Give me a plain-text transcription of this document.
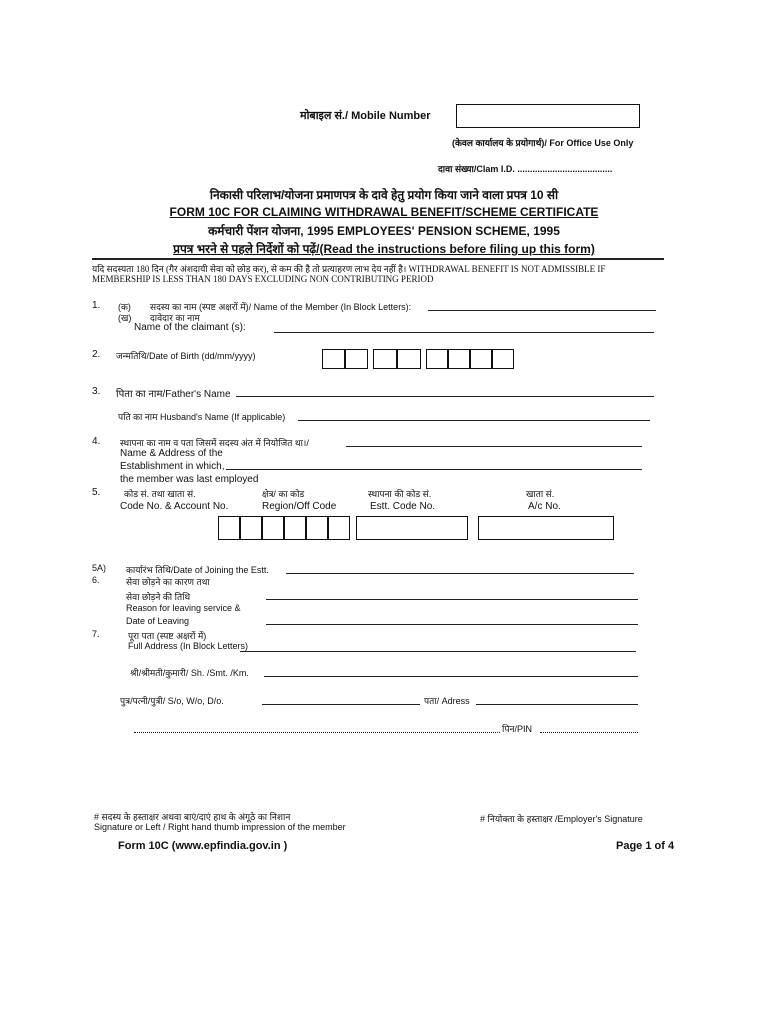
मोबाइल सं./ Mobile Number
(केवल कार्यालय के प्रयोगार्थ)/ For Office Use Only
दावा संख्या/Clam I.D. ......................................
निकासी परिलाभ/योजना प्रमाणपत्र के दावे हेतु प्रयोग किया जाने वाला प्रपत्र 10 सी
FORM 10C FOR CLAIMING WITHDRAWAL BENEFIT/SCHEME CERTIFICATE
कर्मचारी पेंशन योजना, 1995 EMPLOYEES' PENSION SCHEME, 1995
प्रपत्र भरने से पहले निर्देशों को पढ़ें/(Read the instructions before filing up this form)
यदि सदस्यता 180 दिन (गैर अंशदायी सेवा को छोड़ कर), से कम की है तो प्रत्याहरण लाभ देय नहीं है। WITHDRAWAL BENEFIT IS NOT ADMISSIBLE IF
MEMBERSHIP IS LESS THAN 180 DAYS EXCLUDING NON CONTRIBUTING PERIOD
1. (क) सदस्य का नाम (स्पष्ट अक्षरों में)/ Name of the Member (In Block Letters):
(ख) दावेदार का नाम
Name of the claimant (s):
2. जन्मतिथि/Date of Birth (dd/mm/yyyy)
3. पिता का नाम/Father's Name
पति का नाम Husband's Name (If applicable)
4. स्थापना का नाम व पता जिसमें सदस्य अंत में नियोजित था।/
Name & Address of the
Establishment in which,
the member was last employed
5.	कोड सं. तथा खाता सं.
Code No. & Account No.
क्षेत्र/ का कोड
Region/Off Code
स्थापना की कोड सं.
Estt. Code No.
खाता सं.
A/c No.
5A) कार्यारंभ तिथि/Date of Joining the Estt.
6.	सेवा छोड़ने का कारण तथा
सेवा छोड़ने की तिथि
Reason for leaving service &
Date of Leaving
7.	पूरा पता (स्पष्ट अक्षरों में)
Full Address (In Block Letters)
श्री/श्रीमती/कुमारी/ Sh. /Smt. /Km.
पुत्र/पत्नी/पुत्री/ S/o, W/o, D/o.	पता/ Adress
पिन/PIN
# सदस्य के हस्ताक्षर अथवा बाएं/दाएं हाथ के अंगूठे का निशान
Signature or Left / Right hand thumb impression of the member
# नियोक्ता के हस्ताक्षर /Employer's Signature
Form 10C (www.epfindia.gov.in )	Page 1 of 4
